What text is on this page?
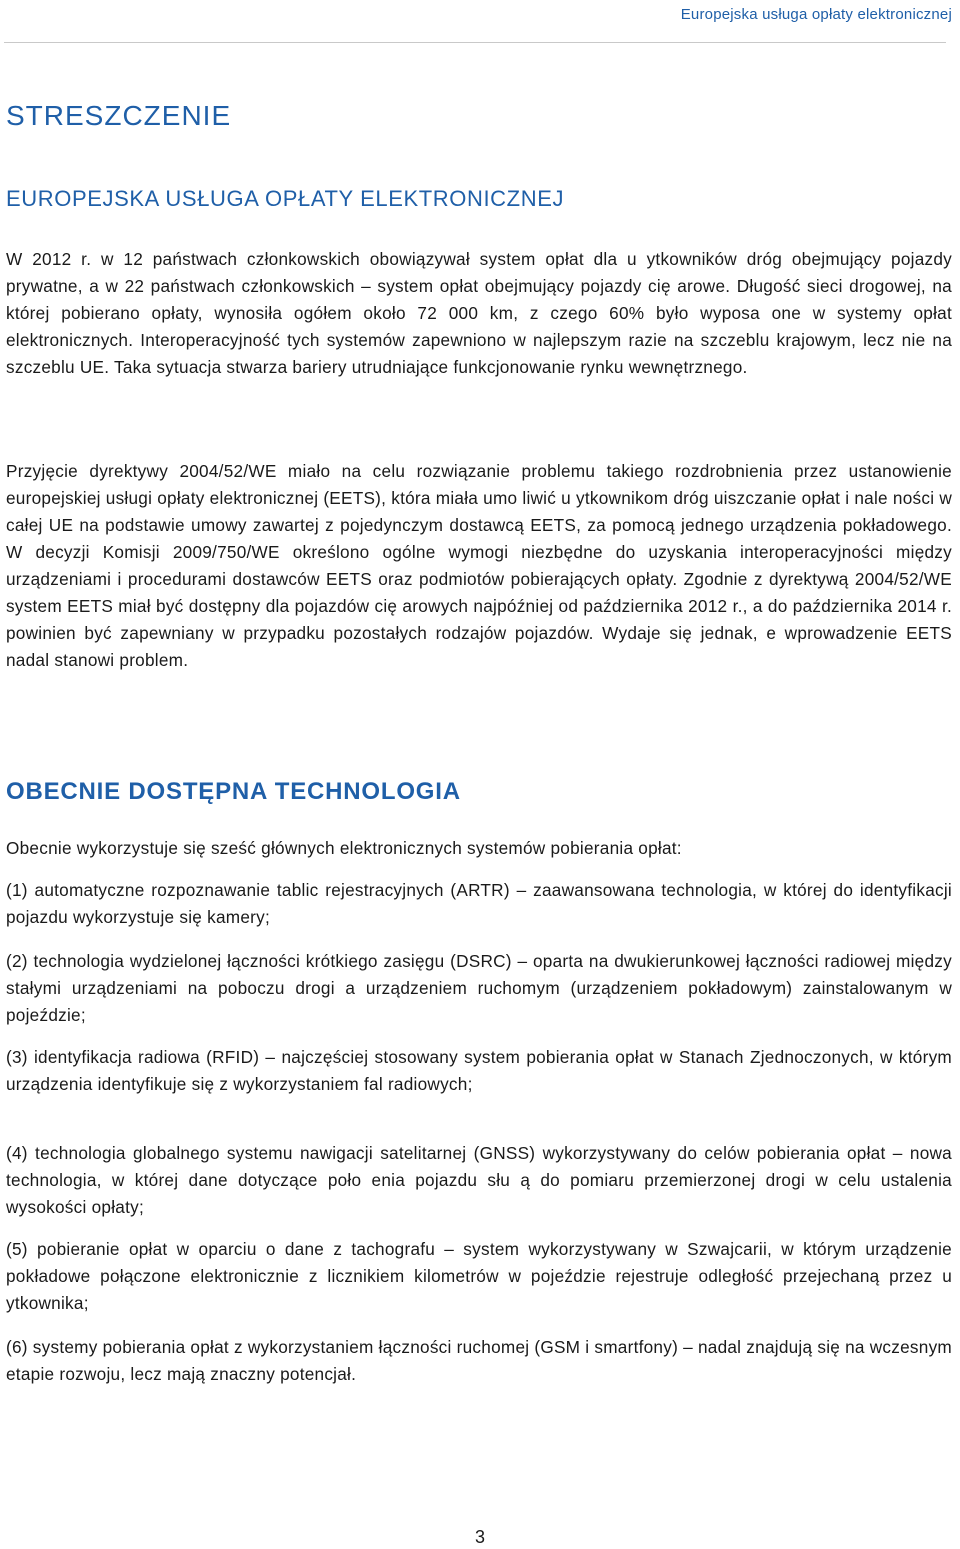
Europejska usługa opłaty elektronicznej
STRESZCZENIE
EUROPEJSKA USŁUGA OPŁATY ELEKTRONICZNEJ

W 2012 r. w 12 państwach członkowskich obowiązywał system opłat dla u ytkowników dróg obejmujący pojazdy prywatne, a w 22 państwach członkowskich – system opłat obejmujący pojazdy cię arowe. Długość sieci drogowej, na której pobierano opłaty, wynosiła ogółem około 72 000 km, z czego 60% było wyposa one w systemy opłat elektronicznych. Interoperacyjność tych systemów zapewniono w najlepszym razie na szczeblu krajowym, lecz nie na szczeblu UE. Taka sytuacja stwarza bariery utrudniające funkcjonowanie rynku wewnętrznego.

Przyjęcie dyrektywy 2004/52/WE miało na celu rozwiązanie problemu takiego rozdrobnienia przez ustanowienie europejskiej usługi opłaty elektronicznej (EETS), która miała umo liwić u ytkownikom dróg uiszczanie opłat i nale ności w całej UE na podstawie umowy zawartej z pojedynczym dostawcą EETS, za pomocą jednego urządzenia pokładowego. W decyzji Komisji 2009/750/WE określono ogólne wymogi niezbędne do uzyskania interoperacyjności między urządzeniami i procedurami dostawców EETS oraz podmiotów pobierających opłaty. Zgodnie z dyrektywą 2004/52/WE system EETS miał być dostępny dla pojazdów cię arowych najpóźniej od października 2012 r., a do października 2014 r. powinien być zapewniany w przypadku pozostałych rodzajów pojazdów. Wydaje się jednak, e wprowadzenie EETS nadal stanowi problem.

OBECNIE DOSTĘPNA TECHNOLOGIA

Obecnie wykorzystuje się sześć głównych elektronicznych systemów pobierania opłat:

(1) automatyczne rozpoznawanie tablic rejestracyjnych (ARTR) – zaawansowana technologia, w której do identyfikacji pojazdu wykorzystuje się kamery;

(2) technologia wydzielonej łączności krótkiego zasięgu (DSRC) – oparta na dwukierunkowej łączności radiowej między stałymi urządzeniami na poboczu drogi a urządzeniem ruchomym (urządzeniem pokładowym) zainstalowanym w pojeździe;

(3) identyfikacja radiowa (RFID) – najczęściej stosowany system pobierania opłat w Stanach Zjednoczonych, w którym urządzenia identyfikuje się z wykorzystaniem fal radiowych;

(4) technologia globalnego systemu nawigacji satelitarnej (GNSS) wykorzystywany do celów pobierania opłat – nowa technologia, w której dane dotyczące poło enia pojazdu słu ą do pomiaru przemierzonej drogi w celu ustalenia wysokości opłaty;

(5) pobieranie opłat w oparciu o dane z tachografu – system wykorzystywany w Szwajcarii, w którym urządzenie pokładowe połączone elektronicznie z licznikiem kilometrów w pojeździe rejestruje odległość przejechaną przez u ytkownika;

(6) systemy pobierania opłat z wykorzystaniem łączności ruchomej (GSM i smartfony) – nadal znajdują się na wczesnym etapie rozwoju, lecz mają znaczny potencjał.

3
